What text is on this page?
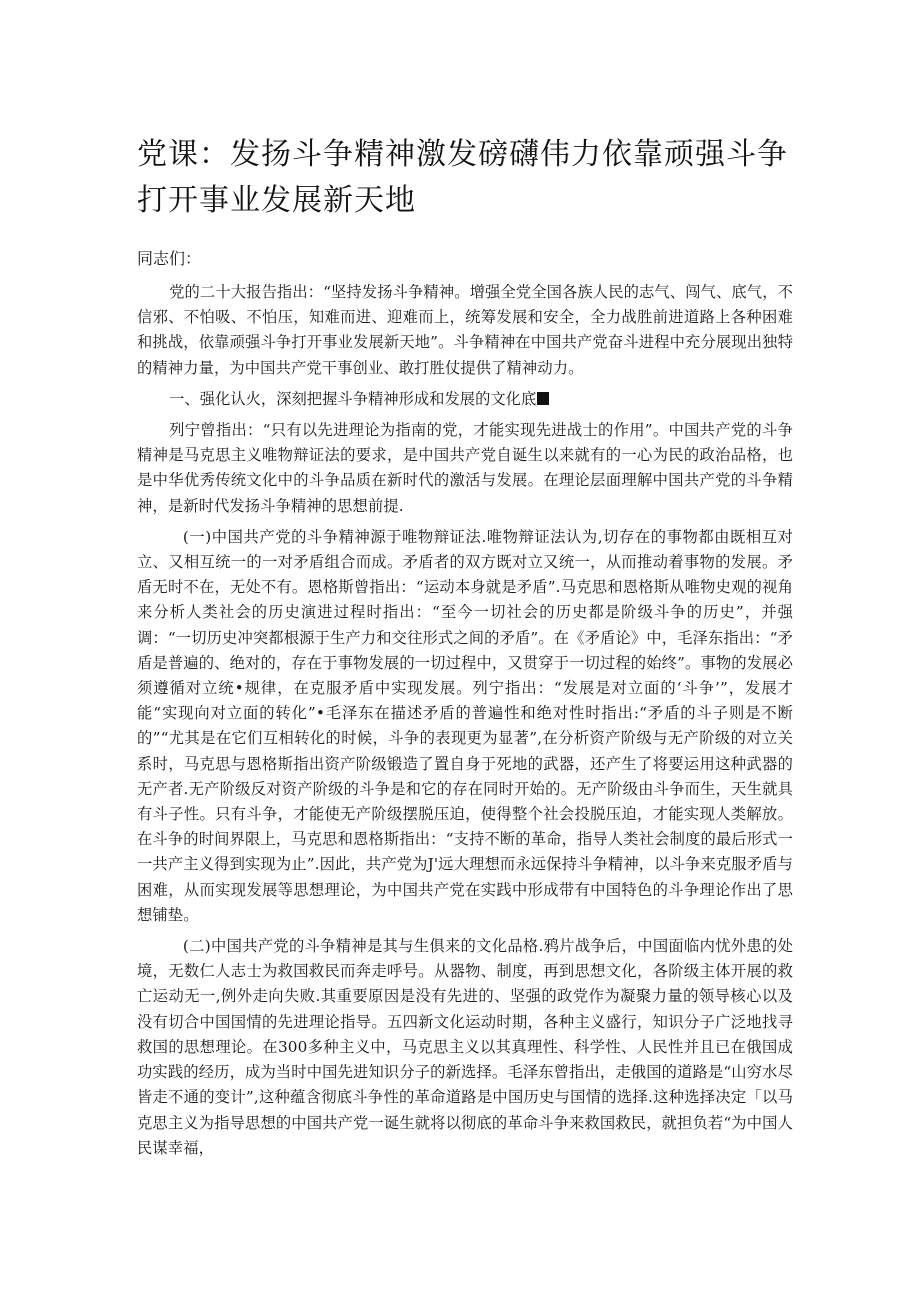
党课：发扬斗争精神激发磅礴伟力依靠顽强斗争打开事业发展新天地

同志们：

党的二十大报告指出：“坚持发扬斗争精神。增强全党全国各族人民的志气、闯气、底气，不信邪、不怕吸、不怕压，知难而进、迎难而上，统筹发展和安全，全力战胜前进道路上各种困难和挑战，依靠顽强斗争打开事业发展新天地”。斗争精神在中国共产党奋斗进程中充分展现出独特的精神力量，为中国共产党干事创业、敢打胜仗提供了精神动力。

一、强化认火，深刻把握斗争精神形成和发展的文化底

列宁曾指出：“只有以先进理论为指南的党，才能实现先进战士的作用”。中国共产党的斗争精神是马克思主义唯物辩证法的要求，是中国共产党自诞生以来就有的一心为民的政治品格，也是中华优秀传统文化中的斗争品质在新时代的激活与发展。在理论层面理解中国共产党的斗争精神，是新时代发扬斗争精神的思想前提.

(一)中国共产党的斗争精神源于唯物辩证法.唯物辩证法认为,切存在的事物都由既相互对立、又相互统一的一对矛盾组合而成。矛盾者的双方既对立又统一，从而推动着事物的发展。矛盾无时不在，无处不有。恩格斯曾指出：“运动本身就是矛盾”.马克思和恩格斯从唯物史观的视角来分析人类社会的历史演进过程时指出：“至今一切社会的历史都是阶级斗争的历史”，并强调：“一切历史冲突都根源于生产力和交往形式之间的矛盾”。在《矛盾论》中，毛泽东指出：“矛盾是普遍的、绝对的，存在于事物发展的一切过程中，又贯穿于一切过程的始终”。事物的发展必须遵循对立统•规律，在克服矛盾中实现发展。列宁指出：“发展是对立面的‘斗争’”，发展才能“实现向对立面的转化”•毛泽东在描述矛盾的普遍性和绝对性时指出:“矛盾的斗子则是不断的”“尤其是在它们互相转化的时候，斗争的表现更为显著”,在分析资产阶级与无产阶级的对立关系时，马克思与恩格斯指出资产阶级锻造了置自身于死地的武器，还产生了将要运用这种武器的无产者.无产阶级反对资产阶级的斗争是和它的存在同时开始的。无产阶级由斗争而生，天生就具有斗子性。只有斗争，才能使无产阶级摆脱压迫，使得整个社会投脱压迫，才能实现人类解放。在斗争的时间界限上，马克思和恩格斯指出：“支持不断的革命，指导人类社会制度的最后形式一一共产主义得到实现为止”.因此，共产党为J'远大理想而永远保持斗争精神，以斗争来克服矛盾与困难，从而实现发展等思想理论，为中国共产党在实践中形成带有中国特色的斗争理论作出了思想铺垫。

(二)中国共产党的斗争精神是其与生俱来的文化品格.鸦片战争后，中国面临内忧外患的处境，无数仁人志士为救国救民而奔走呼号。从器物、制度，再到思想文化，各阶级主体开展的救亡运动无一,例外走向失败.其重要原因是没有先进的、坚强的政党作为凝聚力量的领导核心以及没有切合中国国情的先进理论指导。五四新文化运动时期，各种主义盛行，知识分子广泛地找寻救国的思想理论。在300多种主义中，马克思主义以其真理性、科学性、人民性并且已在俄国成功实践的经历，成为当时中国先进知识分子的新选择。毛泽东曾指出，走俄国的道路是“山穷水尽皆走不通的变计”,这种蕴含彻底斗争性的革命道路是中国历史与国情的选择.这种选择决定「以马克思主义为指导思想的中国共产党一诞生就将以彻底的革命斗争来救国救民，就担负若“为中国人民谋幸福，
